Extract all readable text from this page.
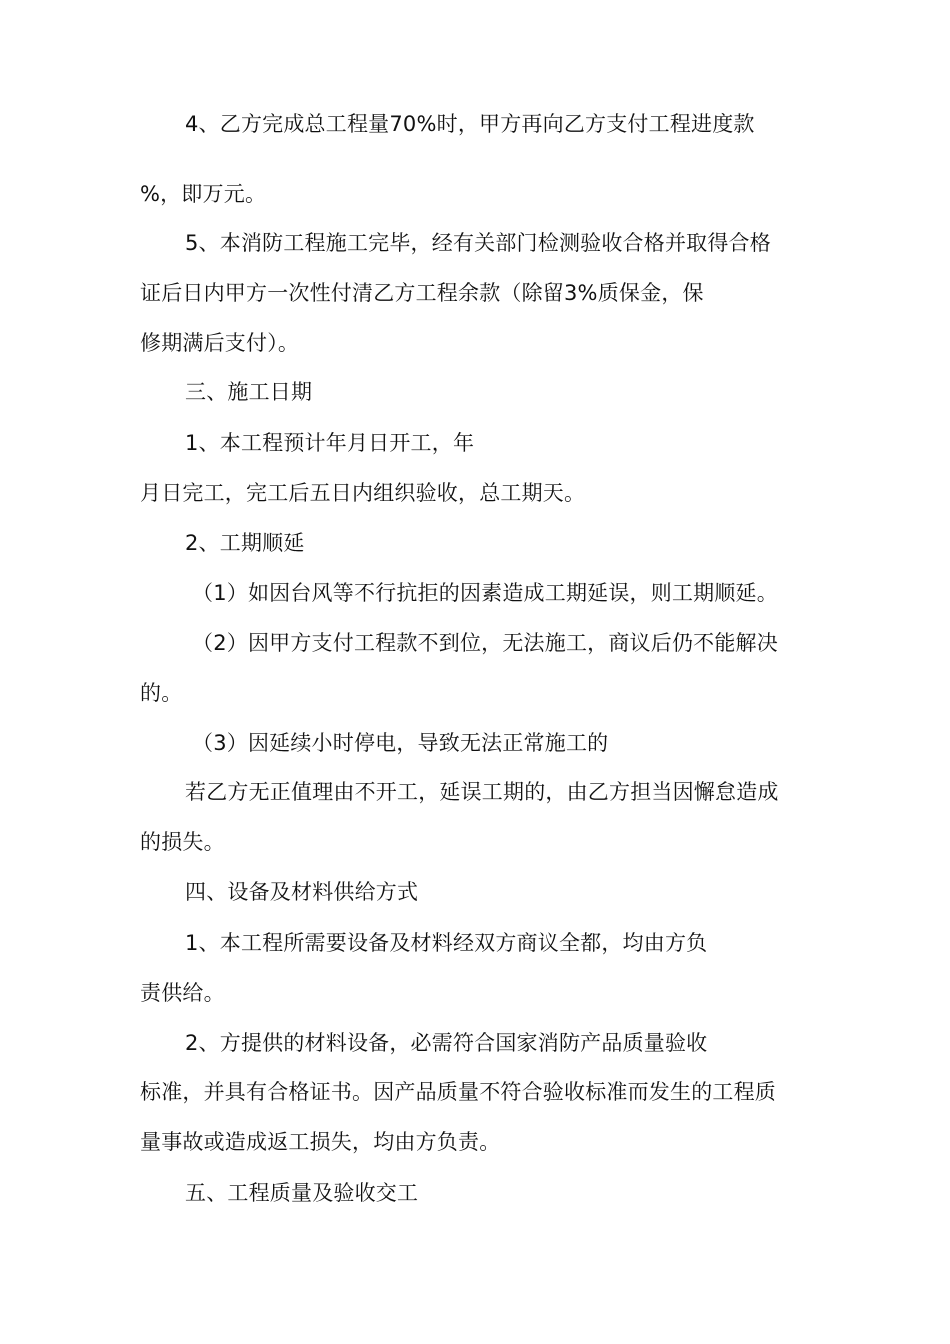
4、乙方完成总工程量70%时，甲方再向乙方支付工程进度款
%，即万元。
5、本消防工程施工完毕，经有关部门检测验收合格并取得合格
证后日内甲方一次性付清乙方工程余款（除留3%质保金，保
修期满后支付）。
三、施工日期
1、本工程预计年月日开工，年
月日完工，完工后五日内组织验收，总工期天。
2、工期顺延
（1）如因台风等不行抗拒的因素造成工期延误，则工期顺延。
（2）因甲方支付工程款不到位，无法施工，商议后仍不能解决
的。
（3）因延续小时停电，导致无法正常施工的
若乙方无正值理由不开工，延误工期的，由乙方担当因懈怠造成
的损失。
四、设备及材料供给方式
1、本工程所需要设备及材料经双方商议全都，均由方负
责供给。
2、方提供的材料设备，必需符合国家消防产品质量验收
标准，并具有合格证书。因产品质量不符合验收标准而发生的工程质
量事故或造成返工损失，均由方负责。
五、工程质量及验收交工
